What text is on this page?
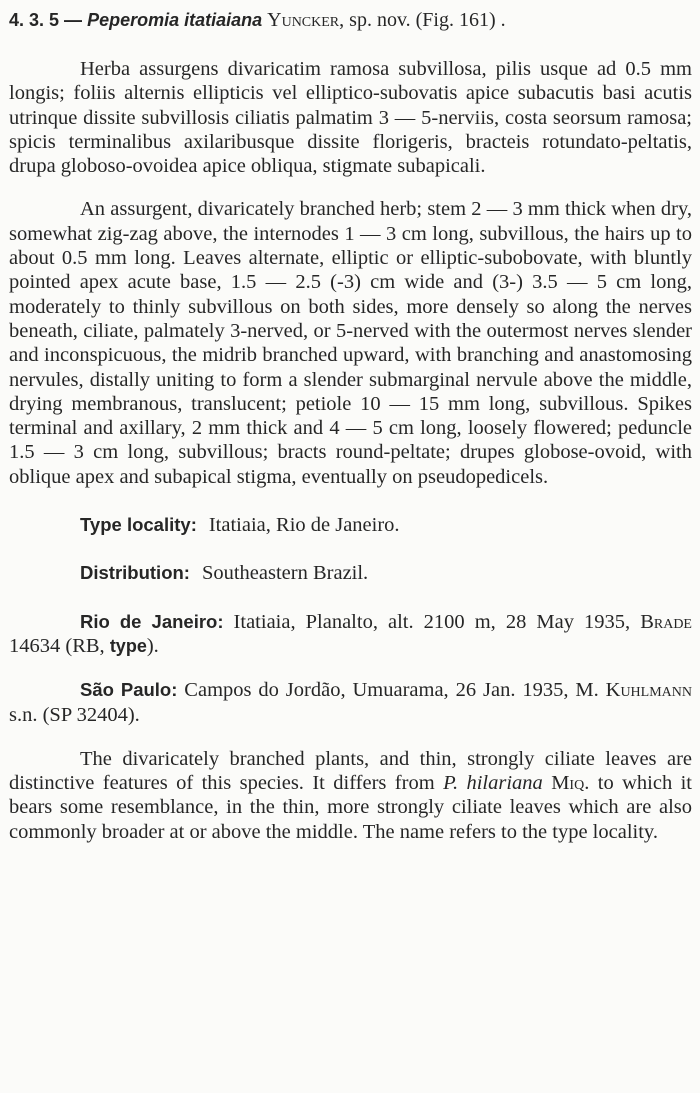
4. 3. 5 — Peperomia itatiaiana Yuncker, sp. nov. (Fig. 161) .

Herba assurgens divaricatim ramosa subvillosa, pilis usque ad 0.5 mm longis; foliis alternis ellipticis vel elliptico-subovatis apice subacutis basi acutis utrinque dissite subvillosis ciliatis palmatim 3 — 5-nerviis, costa seorsum ramosa; spicis terminalibus axilaribusque dissite florigeris, bracteis rotundato-peltatis, drupa globoso-ovoidea apice obliqua, stigmate subapicali.

An assurgent, divaricately branched herb; stem 2 — 3 mm thick when dry, somewhat zig-zag above, the internodes 1 — 3 cm long, subvillous, the hairs up to about 0.5 mm long. Leaves alternate, elliptic or elliptic-subobovate, with bluntly pointed apex acute base, 1.5 — 2.5 (-3) cm wide and (3-) 3.5 — 5 cm long, moderately to thinly subvillous on both sides, more densely so along the nerves beneath, ciliate, palmately 3-nerved, or 5-nerved with the outermost nerves slender and inconspicuous, the midrib branched upward, with branching and anastomosing nervules, distally uniting to form a slender submarginal nervule above the middle, drying membranous, translucent; petiole 10 — 15 mm long, subvillous. Spikes terminal and axillary, 2 mm thick and 4 — 5 cm long, loosely flowered; peduncle 1.5 — 3 cm long, subvillous; bracts round-peltate; drupes globose-ovoid, with oblique apex and subapical stigma, eventually on pseudopedicels.

Type locality: Itatiaia, Rio de Janeiro.

Distribution: Southeastern Brazil.

Rio de Janeiro: Itatiaia, Planalto, alt. 2100 m, 28 May 1935, Brade 14634 (RB, type).

São Paulo: Campos do Jordão, Umuarama, 26 Jan. 1935, M. Kuhlmann s.n. (SP 32404).

The divaricately branched plants, and thin, strongly ciliate leaves are distinctive features of this species. It differs from P. hilariana Miq. to which it bears some resemblance, in the thin, more strongly ciliate leaves which are also commonly broader at or above the middle. The name refers to the type locality.
